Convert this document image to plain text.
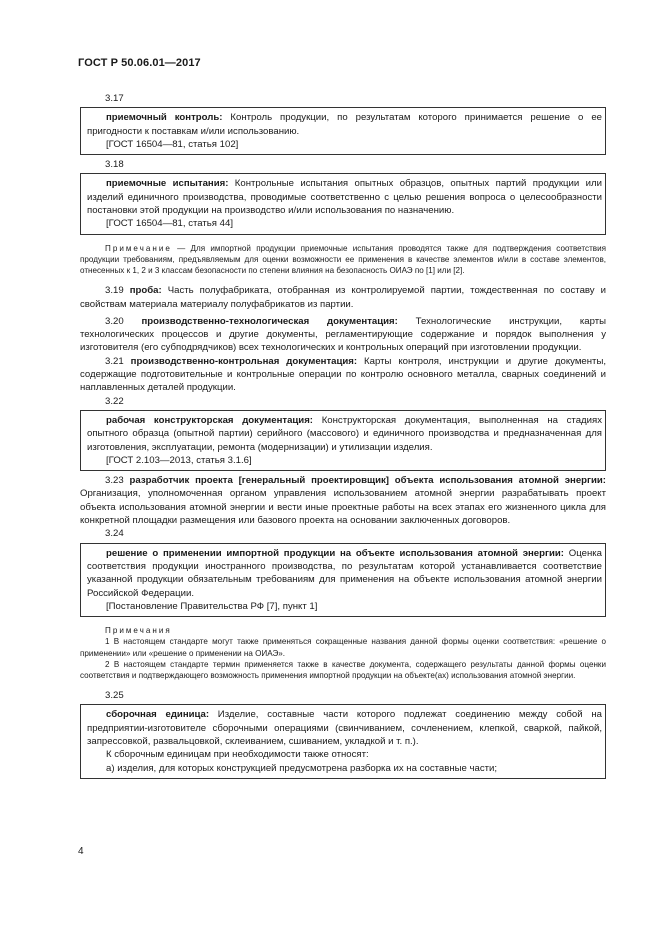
ГОСТ Р 50.06.01—2017

3.17

приемочный контроль: Контроль продукции, по результатам которого принимается решение о ее пригодности к поставкам и/или использованию.

[ГОСТ 16504—81, статья 102]

3.18

приемочные испытания: Контрольные испытания опытных образцов, опытных партий продукции или изделий единичного производства, проводимые соответственно с целью решения вопроса о целесообразности постановки этой продукции на производство и/или использования по назначению.

[ГОСТ 16504—81, статья 44]

Примечание — Для импортной продукции приемочные испытания проводятся также для подтверждения соответствия продукции требованиям, предъявляемым для оценки возможности ее применения в качестве элементов и/или в составе элементов, отнесенных к 1, 2 и 3 классам безопасности по степени влияния на безопасность ОИАЭ по [1] или [2].

3.19 проба: Часть полуфабриката, отобранная из контролируемой партии, тождественная по составу и свойствам материала материалу полуфабрикатов из партии.

3.20 производственно-технологическая документация: Технологические инструкции, карты технологических процессов и другие документы, регламентирующие содержание и порядок выполнения у изготовителя (его субподрядчиков) всех технологических и контрольных операций при изготовлении продукции.

3.21 производственно-контрольная документация: Карты контроля, инструкции и другие документы, содержащие подготовительные и контрольные операции по контролю основного металла, сварных соединений и наплавленных деталей продукции.

3.22

рабочая конструкторская документация: Конструкторская документация, выполненная на стадиях опытного образца (опытной партии) серийного (массового) и единичного производства и предназначенная для изготовления, эксплуатации, ремонта (модернизации) и утилизации изделия.

[ГОСТ 2.103—2013, статья 3.1.6]

3.23 разработчик проекта [генеральный проектировщик] объекта использования атомной энергии: Организация, уполномоченная органом управления использованием атомной энергии разрабатывать проект объекта использования атомной энергии и вести иные проектные работы на всех этапах его жизненного цикла для конкретной площадки размещения или базового проекта на основании заключенных договоров.

3.24

решение о применении импортной продукции на объекте использования атомной энергии: Оценка соответствия продукции иностранного производства, по результатам которой устанавливается соответствие указанной продукции обязательным требованиям для применения на объекте использования атомной энергии Российской Федерации.

[Постановление Правительства РФ [7], пункт 1]

Примечания

1 В настоящем стандарте могут также применяться сокращенные названия данной формы оценки соответствия: «решение о применении» или «решение о применении на ОИАЭ».

2 В настоящем стандарте термин применяется также в качестве документа, содержащего результаты данной формы оценки соответствия и подтверждающего возможность применения импортной продукции на объекте(ах) использования атомной энергии.

3.25

сборочная единица: Изделие, составные части которого подлежат соединению между собой на предприятии-изготовителе сборочными операциями (свинчиванием, сочленением, клепкой, сваркой, пайкой, запрессовкой, развальцовкой, склеиванием, сшиванием, укладкой и т. п.).

К сборочным единицам при необходимости также относят:

а) изделия, для которых конструкцией предусмотрена разборка их на составные части;

4
